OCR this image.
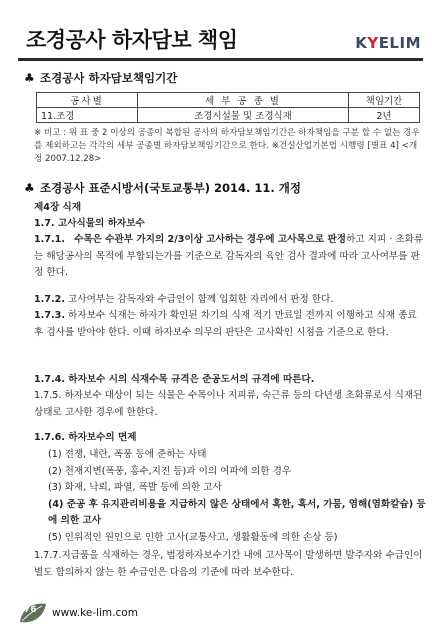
조경공사 하자담보 책임	KYELIM
♣ 조경공사 하자담보책임기간
공사별	세 부 공 종 별	책임기간
11.조경	조경시설물 및 조경식재	2년
※ 비고 : 위 표 중 2 이상의 공종이 복합된 공사의 하자담보책임기간은 하자책임을 구분 할 수 없는 경우를 제외하고는 각각의 세부 공종별 하자담보책임기간으로 한다. ※건설산업기본법 시행령 [별표 4] <개정 2007.12.28>
♣ 조경공사 표준시방서(국토교통부) 2014. 11. 개정
제4장 식재
1.7. 고사식물의 하자보수
1.7.1. 수목은 수관부 가지의 2/3이상 고사하는 경우에 고사목으로 판정하고 지피 · 초화류는 해당공사의 목적에 부합되는가를 기준으로 감독자의 육안 검사 결과에 따라 고사여부를 판정 한다.
1.7.2. 고사여부는 감독자와 수급인이 함께 입회한 자리에서 판정 한다.
1.7.3. 하자보수 식재는 하자가 확인된 차기의 식재 적기 만료일 전까지 이행하고 식재 종료 후 검사를 받아야 한다. 이때 하자보수 의무의 판단은 고사확인 시점을 기준으로 한다.
1.7.4. 하자보수 시의 식재수목 규격은 준공도서의 규격에 따른다.
1.7.5. 하자보수 대상이 되는 식물은 수목이나 지피류, 숙근류 등의 다년생 초화류로서 식재된 상태로 고사한 경우에 한한다.
1.7.6. 하자보수의 면제
(1) 전쟁, 내란, 폭풍 등에 준하는 사태
(2) 천재지변(폭풍, 홍수,지진 등)과 이의 여파에 의한 경우
(3) 화재, 낙뢰, 파열, 폭발 등에 의한 고사
(4) 준공 후 유지관리비용을 지급하지 않은 상태에서 혹한, 혹서, 가뭄, 염해(염화칼슘) 등에 의한 고사
(5) 인위적인 원인으로 인한 고사(교통사고, 생활활동에 의한 손상 등)
1.7.7.지급품을 식재하는 경우, 법정하자보수기간 내에 고사목이 발생하면 발주자와 수급인이 별도 합의하지 않는 한 수급인은 다음의 기준에 따라 보수한다.
76 www.ke-lim.com
